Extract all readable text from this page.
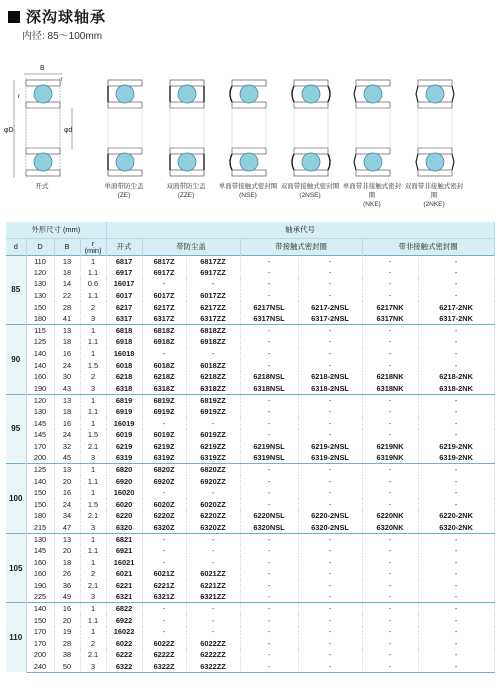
深沟球轴承
内径: 85～100mm
B
r
r
φD	φd
开式	单面带防尘盖
(ZE)
双面带防尘盖
(ZZE)
单面带接触式密封圈
(NSE)
双面带接触式密封圈
(2NSE)
单面带非接触式密封圈
(NKE)
双面带非接触式密封圈
(2NKE)
外形尺寸 (mm)				轴承代号						
d	D	B	r
(min)	开式	带防尘盖		带接触式密封圈		带非接触式密封圈	
85	110	13	1	6817	6817Z	6817ZZ	-	-	-	-
	120	18	1.1	6917	6917Z	6917ZZ	-	-	-	-
	130	14	0.6	16017	-	-	-	-	-	-
	130	22	1.1	6017	6017Z	6017ZZ	-	-	-	-
	150	28	2	6217	6217Z	6217ZZ	6217NSL	6217-2NSL	6217NK	6217-2NK
	180	41	3	6317	6317Z	6317ZZ	6317NSL	6317-2NSL	6317NK	6317-2NK
90	115	13	1	6818	6818Z	6818ZZ	-	-	-	-
	125	18	1.1	6918	6918Z	6918ZZ	-	-	-	-
	140	16	1	16018	-	-	-	-	-	-
	140	24	1.5	6018	6018Z	6018ZZ	-	-	-	-
	160	30	2	6218	6218Z	6218ZZ	6218NSL	6218-2NSL	6218NK	6218-2NK
	190	43	3	6318	6318Z	6318ZZ	6318NSL	6318-2NSL	6318NK	6318-2NK
95	120	13	1	6819	6819Z	6819ZZ	-	-	-	-
	130	18	1.1	6919	6919Z	6919ZZ	-	-	-	-
	145	16	1	16019	-	-	-	-	-	-
	145	24	1.5	6019	6019Z	6019ZZ	-	-	-	-
	170	32	2.1	6219	6219Z	6219ZZ	6219NSL	6219-2NSL	6219NK	6219-2NK
	200	45	3	6319	6319Z	6319ZZ	6319NSL	6319-2NSL	6319NK	6319-2NK
100	125	13	1	6820	6820Z	6820ZZ	-	-	-	-
	140	20	1.1	6920	6920Z	6920ZZ	-	-	-	-
	150	16	1	16020	-	-	-	-	-	-
	150	24	1.5	6020	6020Z	6020ZZ	-	-	-	-
	180	34	2.1	6220	6220Z	6220ZZ	6220NSL	6220-2NSL	6220NK	6220-2NK
	215	47	3	6320	6320Z	6320ZZ	6320NSL	6320-2NSL	6320NK	6320-2NK
105	130	13	1	6821	-	-	-	-	-	-
	145	20	1.1	6921	-	-	-	-	-	-
	160	18	1	16021	-	-	-	-	-	-
	160	26	2	6021	6021Z	6021ZZ	-	-	-	-
	190	36	2.1	6221	6221Z	6221ZZ	-	-	-	-
	225	49	3	6321	6321Z	6321ZZ	-	-	-	-
110	140	16	1	6822	-	-	-	-	-	-
	150	20	1.1	6922	-	-	-	-	-	-
	170	19	1	16022	-	-	-	-	-	-
	170	28	2	6022	6022Z	6022ZZ	-	-	-	-
	200	38	2.1	6222	6222Z	6222ZZ	-	-	-	-
	240	50	3	6322	6322Z	6322ZZ	-	-	-	-
